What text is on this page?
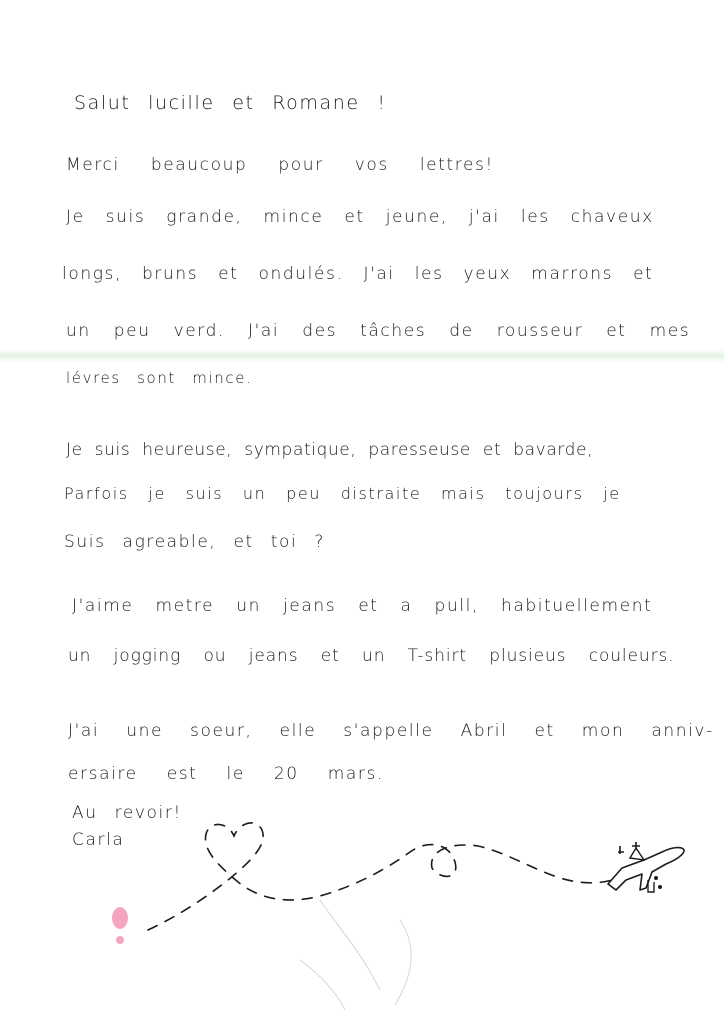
Salut lucille et Romane !
Merci beaucoup pour vos lettres!
Je suis grande, mince et jeune, j'ai les chaveux
longs, bruns et ondulés. J'ai les yeux marrons et
un peu verd. J'ai des tâches de rousseur et mes
lévres sont mince.
Je suis heureuse, sympatique, paresseuse et bavarde,
Parfois je suis un peu distraite mais toujours je
Suis agreable, et toi ?
J'aime metre un jeans et a pull, habituellement
un jogging ou jeans et un T-shirt plusieus couleurs.
J'ai une soeur, elle s'appelle Abril et mon anniv-
ersaire est le 20 mars.
Au revoir!
Carla
